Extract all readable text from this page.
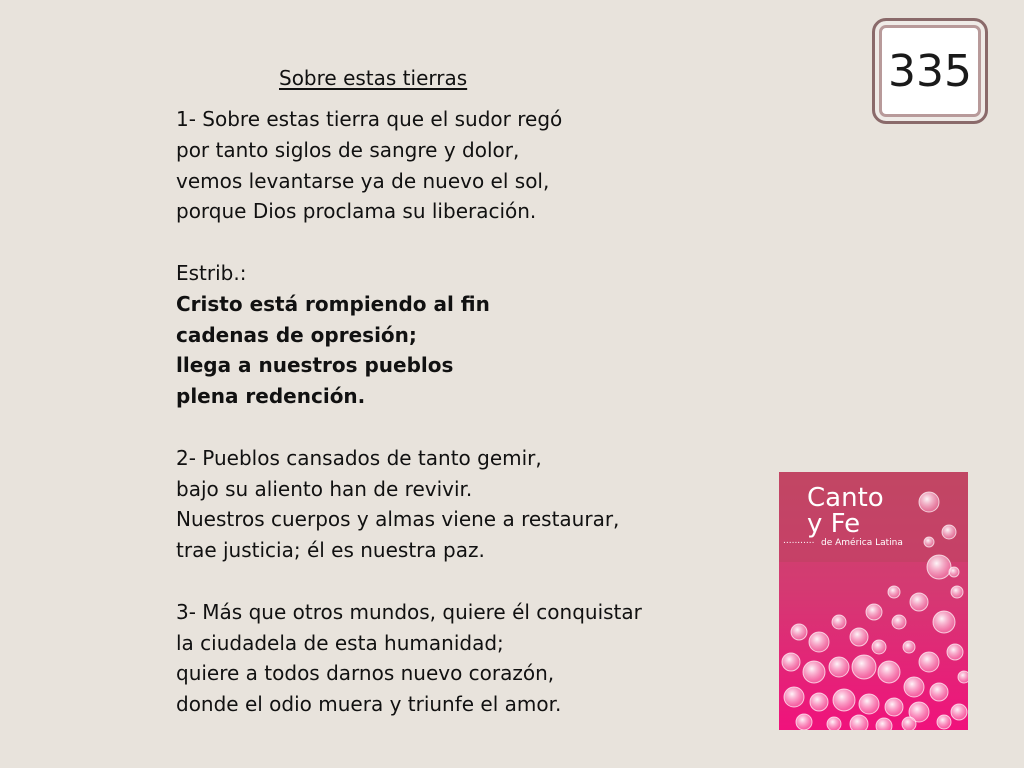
Sobre estas tierras
1- Sobre estas tierra que el sudor regó
por tanto siglos de sangre y dolor,
vemos levantarse ya de nuevo el sol,
porque Dios proclama su liberación.
Estrib.:
Cristo está rompiendo al fin
cadenas de opresión;
llega a nuestros pueblos
plena redención.
2- Pueblos cansados de tanto gemir,
bajo su aliento han de revivir.
Nuestros cuerpos y almas viene a restaurar,
trae justicia; él es nuestra paz.
3- Más que otros mundos, quiere él conquistar
la ciudadela de esta humanidad;
quiere a todos darnos nuevo corazón,
donde el odio muera y triunfe el amor.
335
Canto
y Fe
........... de América Latina
